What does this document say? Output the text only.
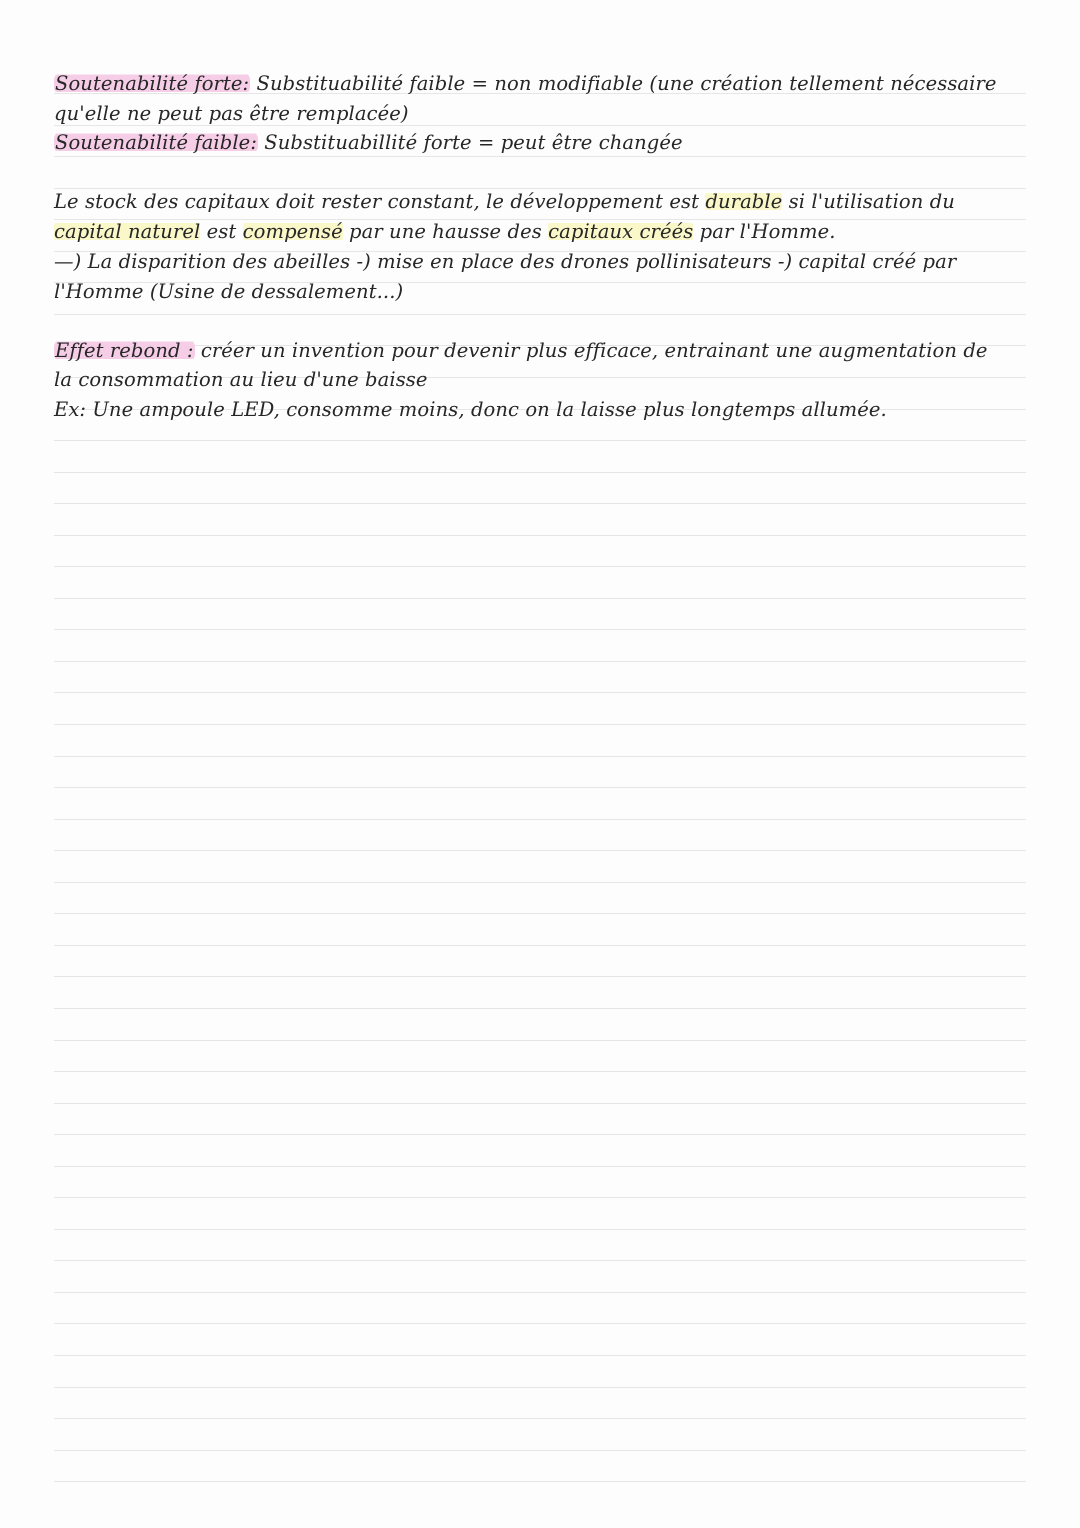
Soutenabilité forte: Substituabilité faible = non modifiable (une création tellement nécessaire
qu'elle ne peut pas être remplacée)
Soutenabilité faible: Substituabillité forte = peut être changée
Le stock des capitaux doit rester constant, le développement est durable si l'utilisation du
capital naturel est compensé par une hausse des capitaux créés par l'Homme.
—) La disparition des abeilles -) mise en place des drones pollinisateurs -) capital créé par
l'Homme (Usine de dessalement...)
Effet rebond : créer un invention pour devenir plus efficace, entrainant une augmentation de
la consommation au lieu d'une baisse
Ex: Une ampoule LED, consomme moins, donc on la laisse plus longtemps allumée.
